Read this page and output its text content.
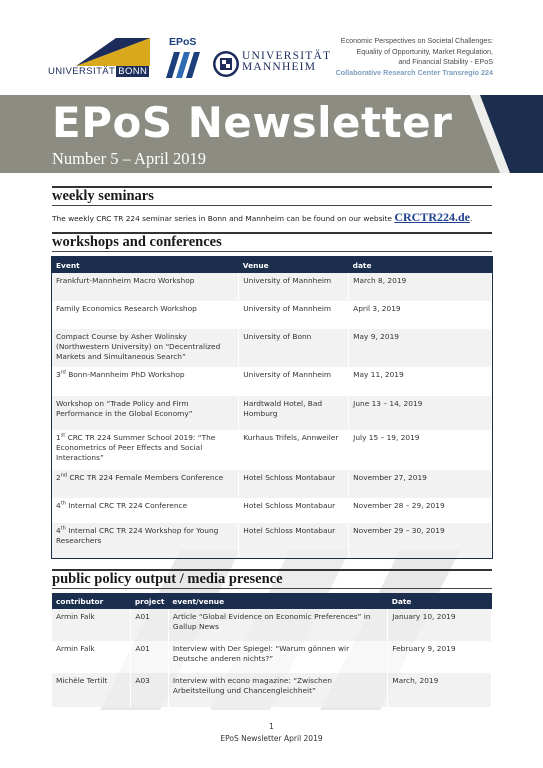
UNIVERSITÄT BONN
EPoS
UNIVERSITÄT
MANNHEIM
Economic Perspectives on Societal Challenges:
Equality of Opportunity, Market Regulation,
and Financial Stability - EPoS
Collaborative Research Center Transregio 224
EPoS Newsletter
Number 5 – April 2019
weekly seminars
The weekly CRC TR 224 seminar series in Bonn and Mannheim can be found on our website CRCTR224.de.
workshops and conferences
Event	Venue	date
Frankfurt-Mannheim Macro Workshop	University of Mannheim	March 8, 2019
Family Economics Research Workshop	University of Mannheim	April 3, 2019
Compact Course by Asher Wolinsky (Northwestern University) on “Decentralized Markets and Simultaneous Search”	University of Bonn	May 9, 2019
3rd Bonn-Mannheim PhD Workshop	University of Mannheim	May 11, 2019
Workshop on “Trade Policy and Firm Performance in the Global Economy”	Hardtwald Hotel, Bad Homburg	June 13 – 14, 2019
1st CRC TR 224 Summer School 2019: “The Econometrics of Peer Effects and Social Interactions”	Kurhaus Trifels, Annweiler	July 15 – 19, 2019
2nd CRC TR 224 Female Members Conference	Hotel Schloss Montabaur	November 27, 2019
4th Internal CRC TR 224 Conference	Hotel Schloss Montabaur	November 28 – 29, 2019
4th Internal CRC TR 224 Workshop for Young Researchers	Hotel Schloss Montabaur	November 29 – 30, 2019
public policy output / media presence
contributor	project	event/venue	Date
Armin Falk	A01	Article “Global Evidence on Economic Preferences” in Gallup News	January 10, 2019
Armin Falk	A01	Interview with Der Spiegel: “Warum gönnen wir Deutsche anderen nichts?”	February 9, 2019
Michèle Tertilt	A03	Interview with econo magazine: “Zwischen Arbeitsteilung und Chancengleichheit”	March, 2019
1
EPoS Newsletter April 2019
